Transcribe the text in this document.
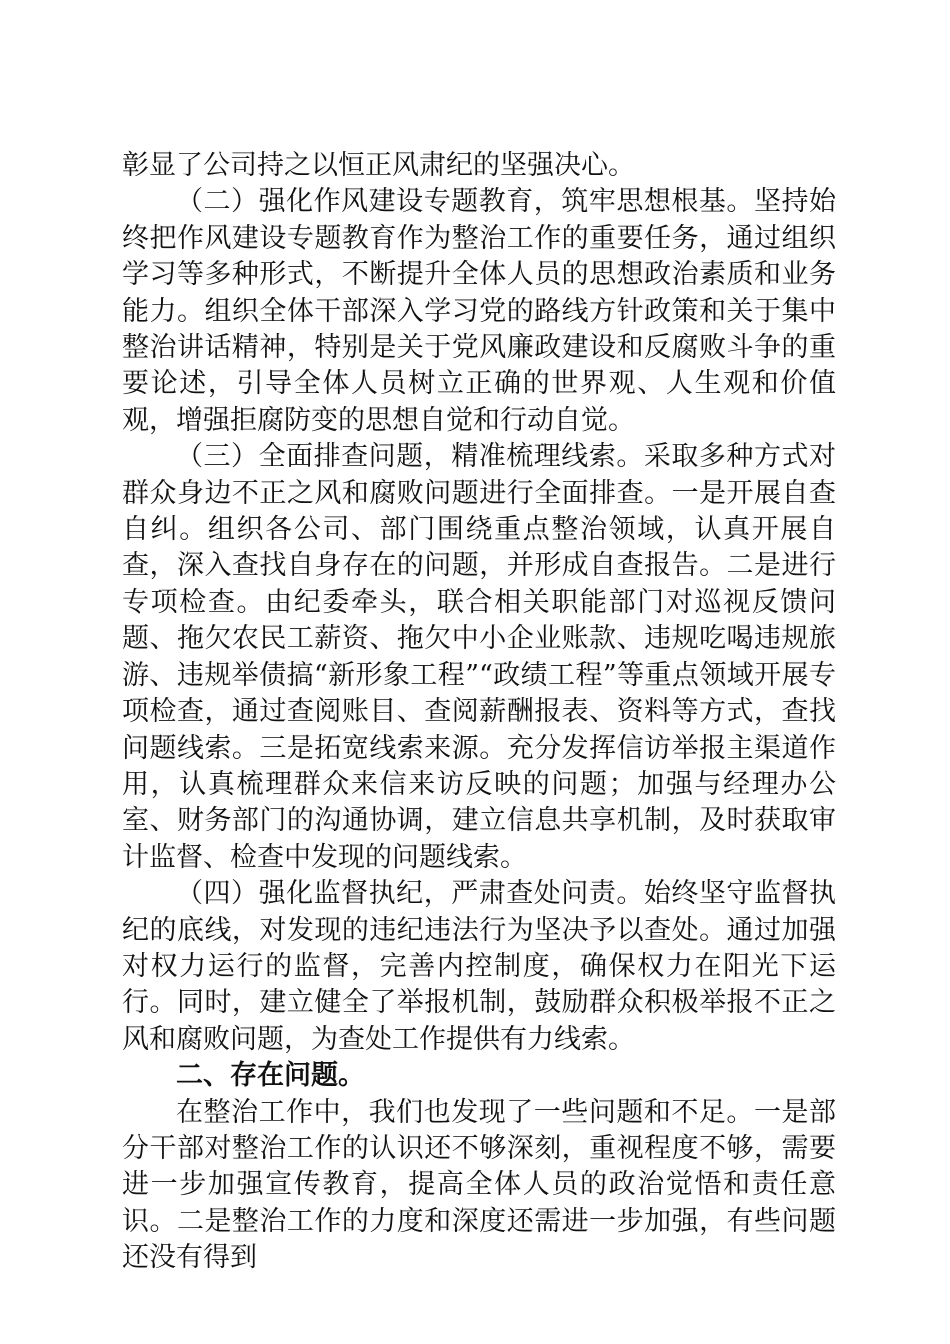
彰显了公司持之以恒正风肃纪的坚强决心。

（二）强化作风建设专题教育，筑牢思想根基。坚持始终把作风建设专题教育作为整治工作的重要任务，通过组织学习等多种形式，不断提升全体人员的思想政治素质和业务能力。组织全体干部深入学习党的路线方针政策和关于集中整治讲话精神，特别是关于党风廉政建设和反腐败斗争的重要论述，引导全体人员树立正确的世界观、人生观和价值观，增强拒腐防变的思想自觉和行动自觉。

（三）全面排查问题，精准梳理线索。采取多种方式对群众身边不正之风和腐败问题进行全面排查。一是开展自查自纠。组织各公司、部门围绕重点整治领域，认真开展自查，深入查找自身存在的问题，并形成自查报告。二是进行专项检查。由纪委牵头，联合相关职能部门对巡视反馈问题、拖欠农民工薪资、拖欠中小企业账款、违规吃喝违规旅游、违规举债搞“新形象工程”“政绩工程”等重点领域开展专项检查，通过查阅账目、查阅薪酬报表、资料等方式，查找问题线索。三是拓宽线索来源。充分发挥信访举报主渠道作用，认真梳理群众来信来访反映的问题；加强与经理办公室、财务部门的沟通协调，建立信息共享机制，及时获取审计监督、检查中发现的问题线索。

（四）强化监督执纪，严肃查处问责。始终坚守监督执纪的底线，对发现的违纪违法行为坚决予以查处。通过加强对权力运行的监督，完善内控制度，确保权力在阳光下运行。同时，建立健全了举报机制，鼓励群众积极举报不正之风和腐败问题，为查处工作提供有力线索。

二、存在问题。

在整治工作中，我们也发现了一些问题和不足。一是部分干部对整治工作的认识还不够深刻，重视程度不够，需要进一步加强宣传教育，提高全体人员的政治觉悟和责任意识。二是整治工作的力度和深度还需进一步加强，有些问题还没有得到
